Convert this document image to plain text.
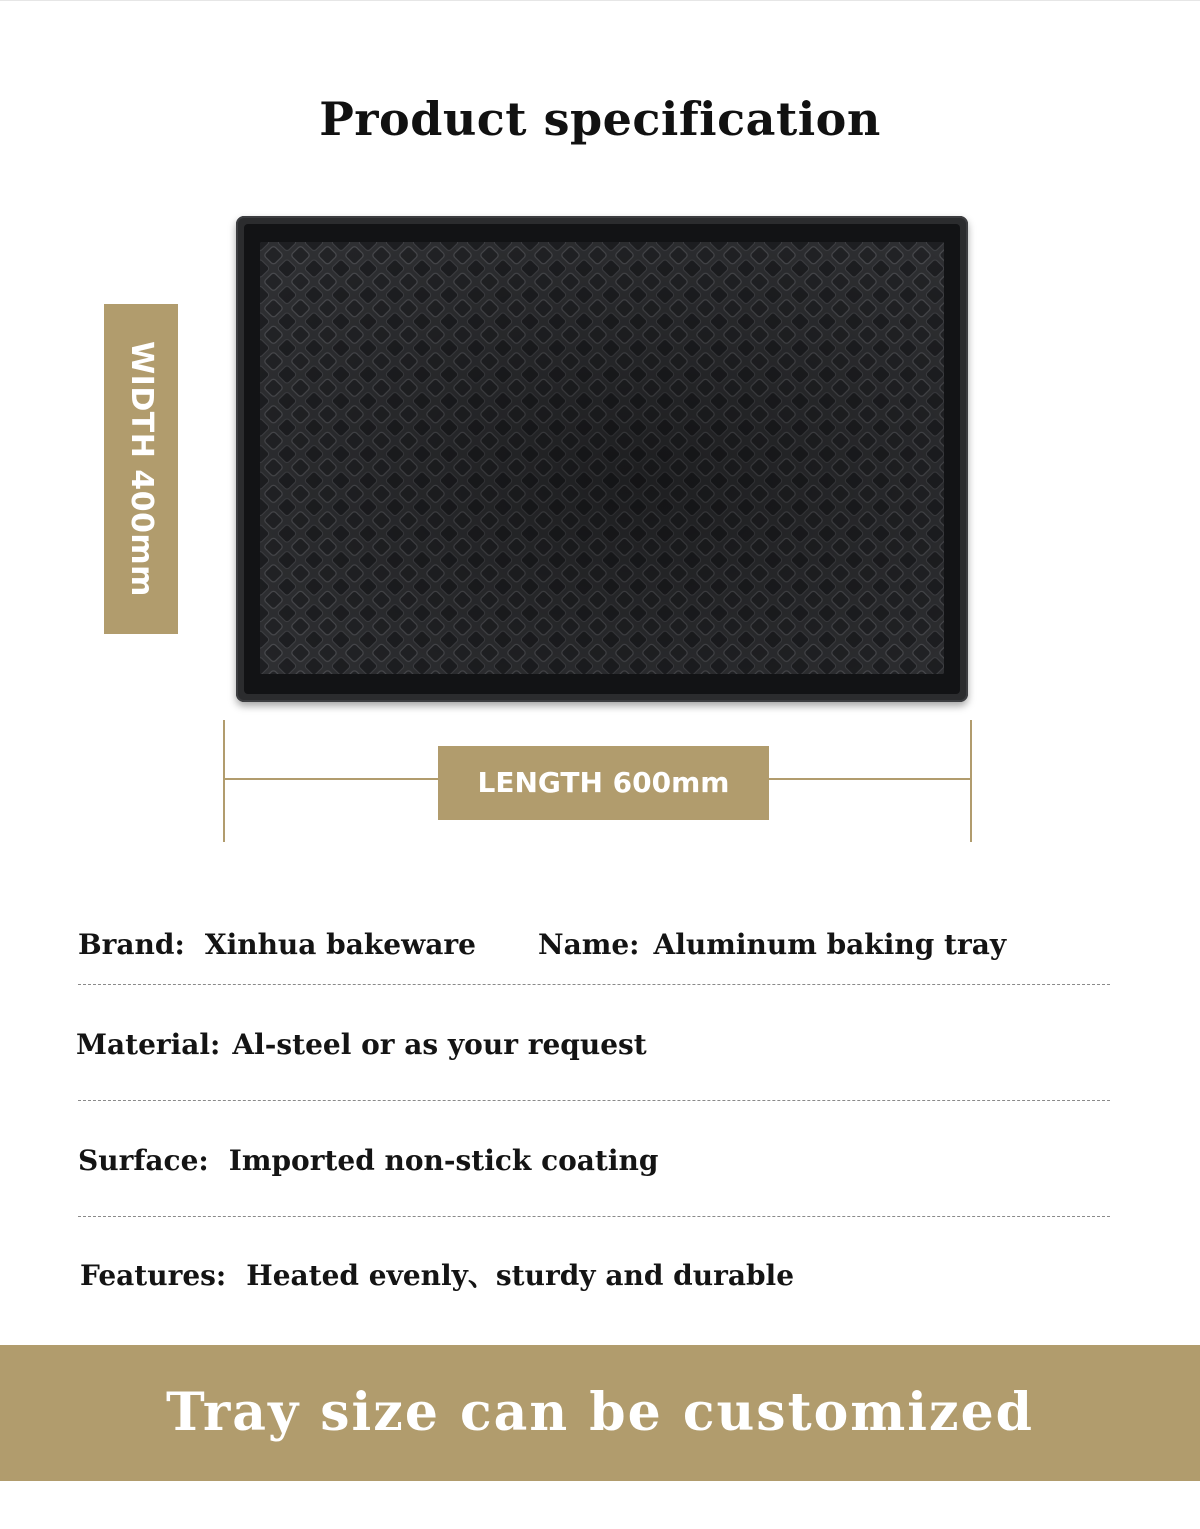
Product specification
WIDTH 400mm
LENGTH 600mm
Brand: Xinhua bakeware Name: Aluminum baking tray
Material: Al-steel or as your request
Surface: Imported non-stick coating
Features: Heated evenly、sturdy and durable
Tray size can be customized
